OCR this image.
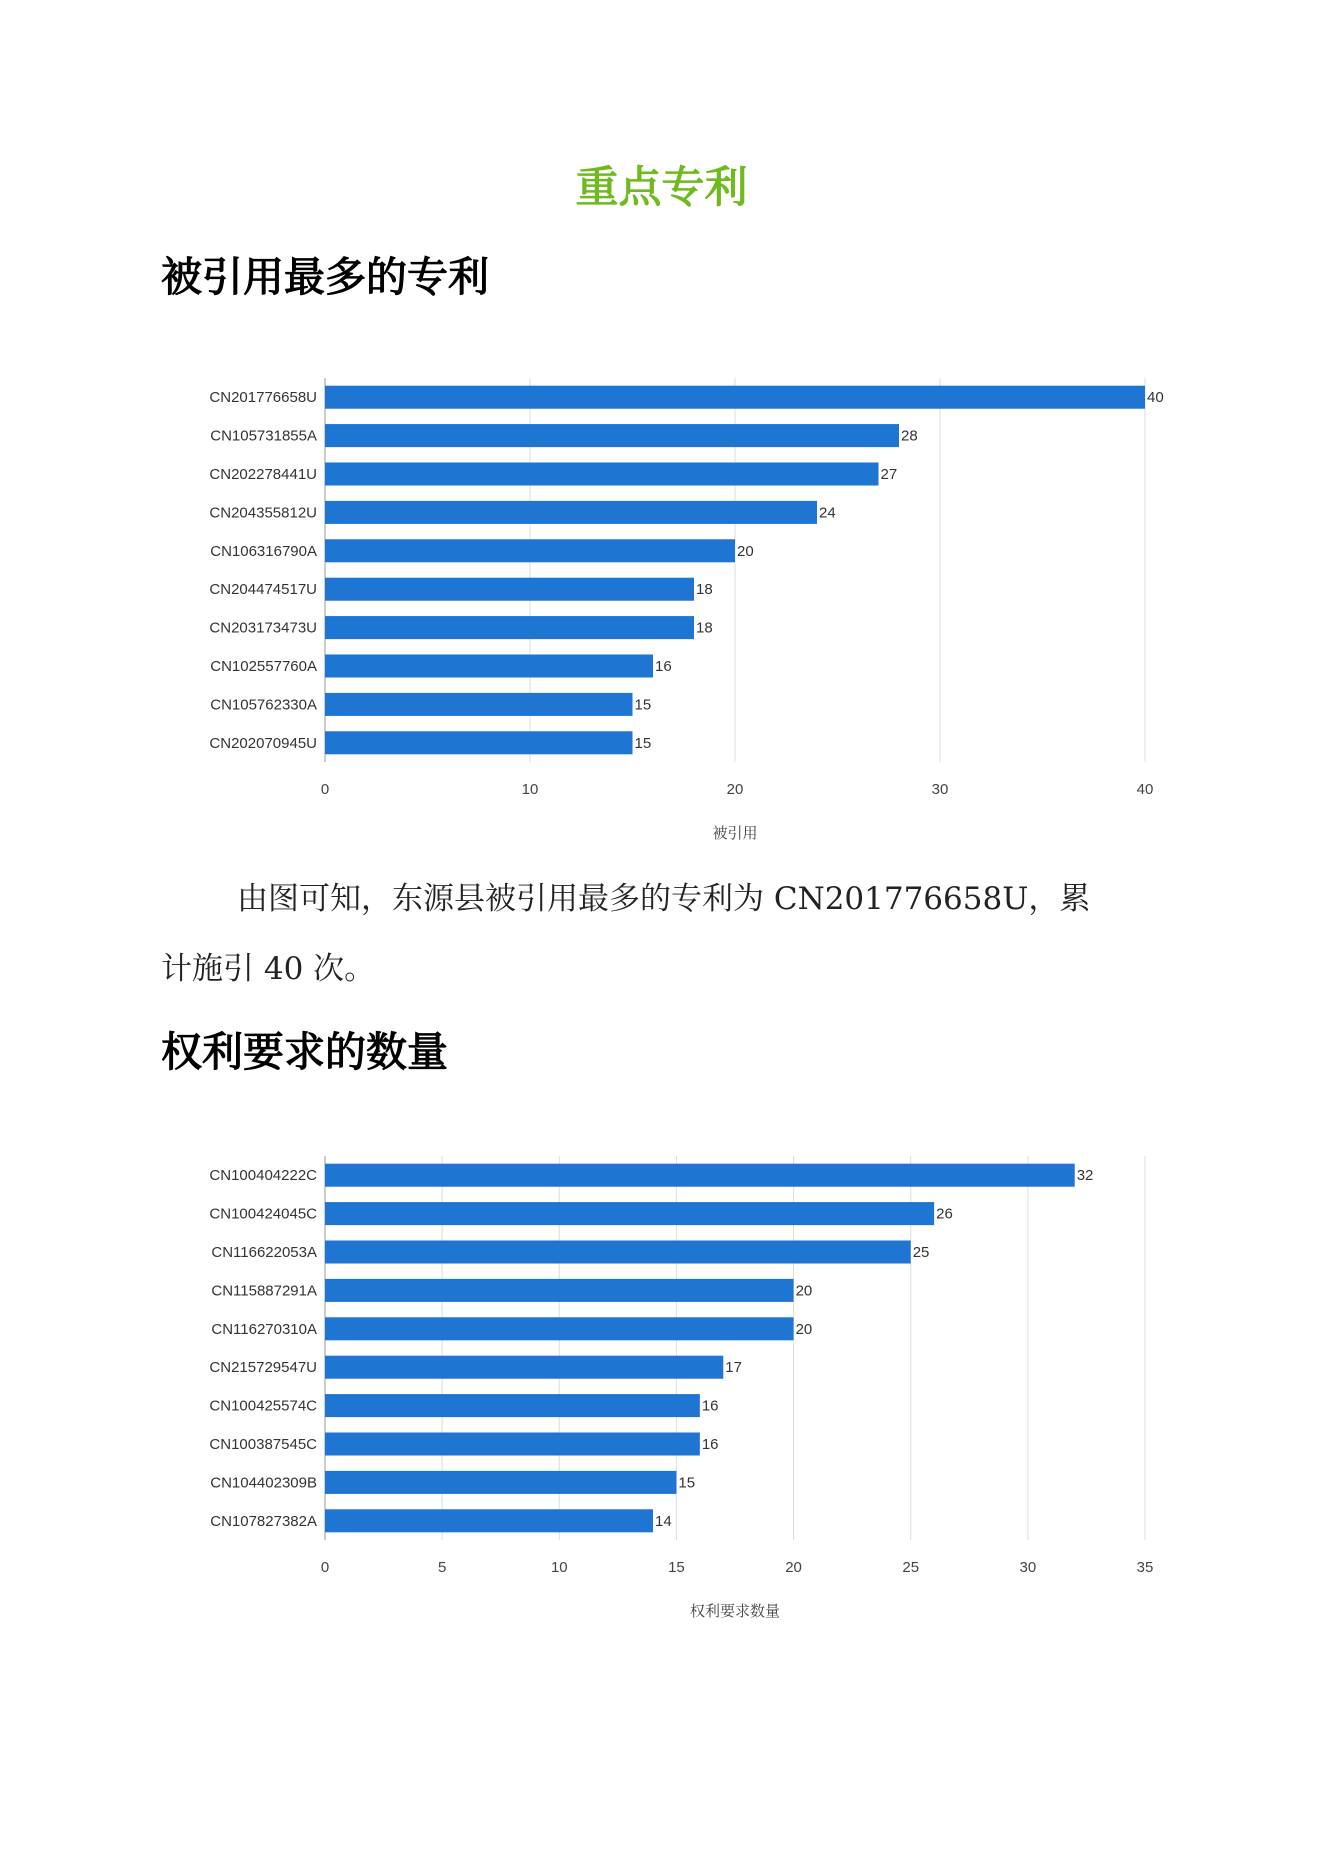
重点专利
被引用最多的专利
0	10	20	30	40
CN201776658U	40
CN105731855A	28
CN202278441U	27
CN204355812U	24
CN106316790A	20
CN204474517U	18
CN203173473U	18
CN102557760A	16
CN105762330A	15
CN202070945U	15
被引用
由图可知，东源县被引用最多的专利为 CN201776658U，累
计施引 40 次。
权利要求的数量
0	5	10	15	20	25	30	35
CN100404222C	32
CN100424045C	26
CN116622053A	25
CN115887291A	20
CN116270310A	20
CN215729547U	17
CN100425574C	16
CN100387545C	16
CN104402309B	15
CN107827382A	14
权利要求数量
